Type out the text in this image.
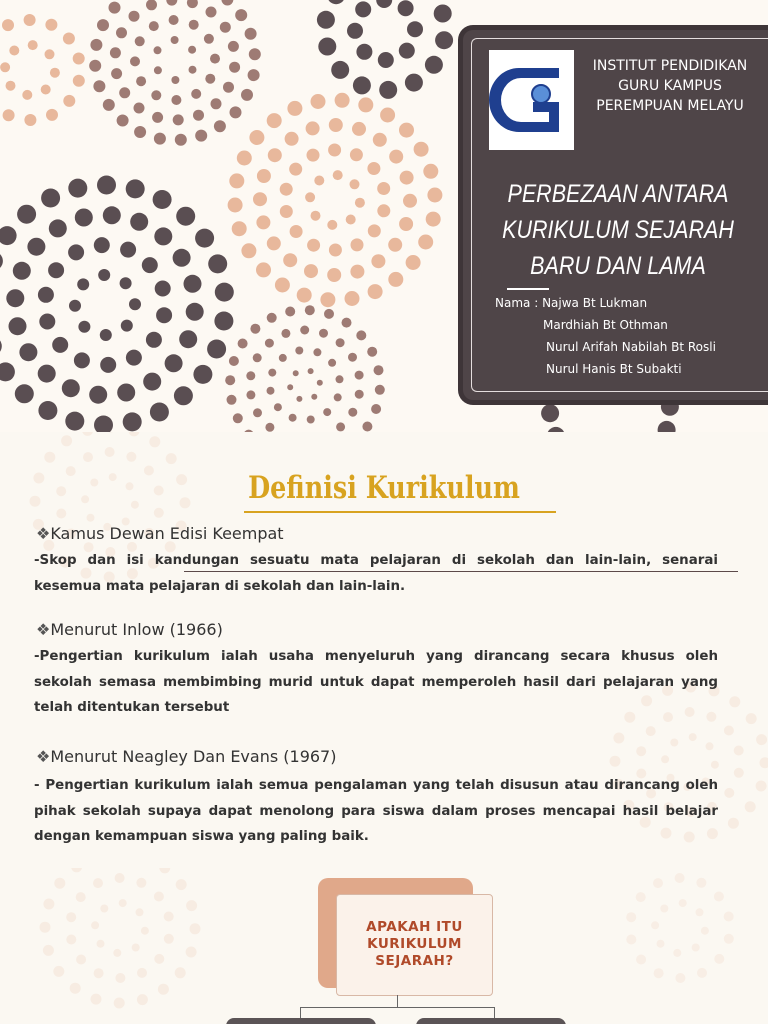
iPG
INSTITUT PENDIDIKAN
GURU KAMPUS
PEREMPUAN MELAYU
PERBEZAAN ANTARA
KURIKULUM SEJARAH
BARU DAN LAMA
Nama : Najwa Bt Lukman
Mardhiah Bt Othman
Nurul Arifah Nabilah Bt Rosli
Nurul Hanis Bt Subakti
Definisi Kurikulum
❖Kamus Dewan Edisi Keempat
-Skop dan isi kandungan sesuatu mata pelajaran di sekolah dan lain-lain, senarai kesemua mata pelajaran di sekolah dan lain-lain.
❖Menurut Inlow (1966)
-Pengertian kurikulum ialah usaha menyeluruh yang dirancang secara khusus oleh sekolah semasa membimbing murid untuk dapat memperoleh hasil dari pelajaran yang telah ditentukan tersebut
❖Menurut Neagley Dan Evans (1967)
- Pengertian kurikulum ialah semua pengalaman yang telah disusun atau dirancang oleh pihak sekolah supaya dapat menolong para siswa dalam proses mencapai hasil belajar dengan kemampuan siswa yang paling baik.
APAKAH ITU
KURIKULUM
SEJARAH?
